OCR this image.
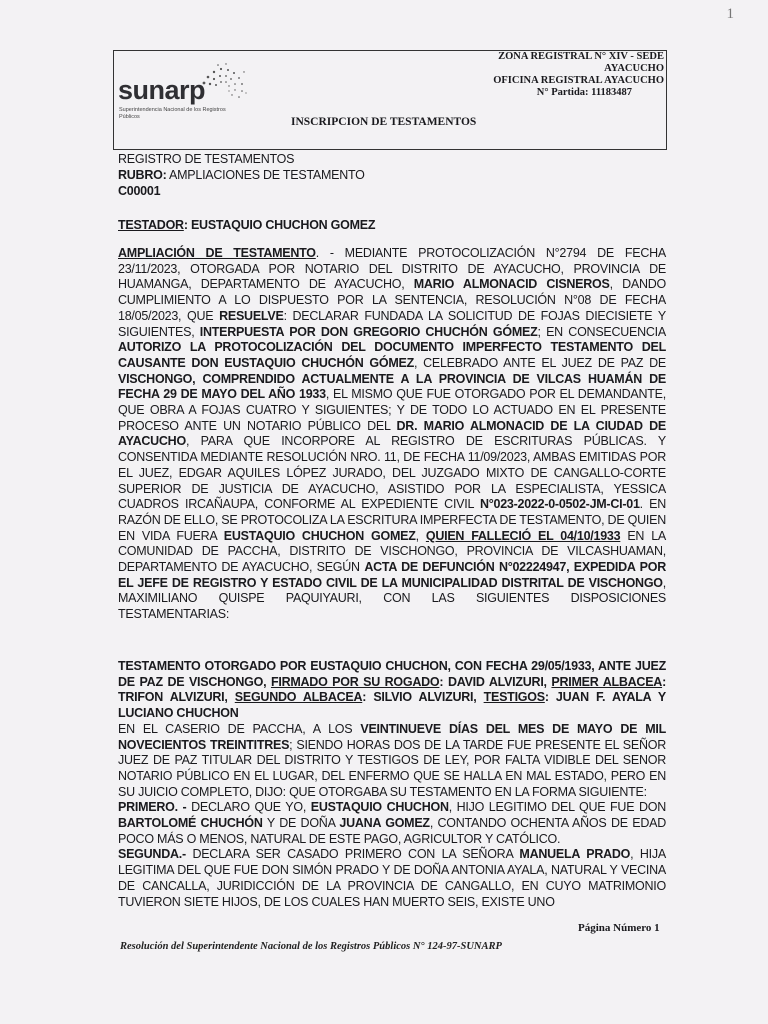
1
sunarp
Superintendencia Nacional de los Registros Públicos
ZONA REGISTRAL N° XIV - SEDE
AYACUCHO
OFICINA REGISTRAL AYACUCHO
N° Partida: 11183487
INSCRIPCION DE TESTAMENTOS
REGISTRO DE TESTAMENTOS
RUBRO: AMPLIACIONES DE TESTAMENTO
C00001
TESTADOR: EUSTAQUIO CHUCHON GOMEZ

AMPLIACIÓN DE TESTAMENTO. - MEDIANTE PROTOCOLIZACIÓN N°2794 DE FECHA 23/11/2023, OTORGADA POR NOTARIO DEL DISTRITO DE AYACUCHO, PROVINCIA DE HUAMANGA, DEPARTAMENTO DE AYACUCHO, MARIO ALMONACID CISNEROS, DANDO CUMPLIMIENTO A LO DISPUESTO POR LA SENTENCIA, RESOLUCIÓN N°08 DE FECHA 18/05/2023, QUE RESUELVE: DECLARAR FUNDADA LA SOLICITUD DE FOJAS DIECISIETE Y SIGUIENTES, INTERPUESTA POR DON GREGORIO CHUCHÓN GÓMEZ; EN CONSECUENCIA AUTORIZO LA PROTOCOLIZACIÓN DEL DOCUMENTO IMPERFECTO TESTAMENTO DEL CAUSANTE DON EUSTAQUIO CHUCHÓN GÓMEZ, CELEBRADO ANTE EL JUEZ DE PAZ DE VISCHONGO, COMPRENDIDO ACTUALMENTE A LA PROVINCIA DE VILCAS HUAMÁN DE FECHA 29 DE MAYO DEL AÑO 1933, EL MISMO QUE FUE OTORGADO POR EL DEMANDANTE, QUE OBRA A FOJAS CUATRO Y SIGUIENTES; Y DE TODO LO ACTUADO EN EL PRESENTE PROCESO ANTE UN NOTARIO PÚBLICO DEL DR. MARIO ALMONACID DE LA CIUDAD DE AYACUCHO, PARA QUE INCORPORE AL REGISTRO DE ESCRITURAS PÚBLICAS. Y CONSENTIDA MEDIANTE RESOLUCIÓN NRO. 11, DE FECHA 11/09/2023, AMBAS EMITIDAS POR EL JUEZ, EDGAR AQUILES LÓPEZ JURADO, DEL JUZGADO MIXTO DE CANGALLO-CORTE SUPERIOR DE JUSTICIA DE AYACUCHO, ASISTIDO POR LA ESPECIALISTA, YESSICA CUADROS IRCAÑAUPA, CONFORME AL EXPEDIENTE CIVIL N°023-2022-0-0502-JM-CI-01. EN RAZÓN DE ELLO, SE PROTOCOLIZA LA ESCRITURA IMPERFECTA DE TESTAMENTO, DE QUIEN EN VIDA FUERA EUSTAQUIO CHUCHON GOMEZ, QUIEN FALLECIÓ EL 04/10/1933 EN LA COMUNIDAD DE PACCHA, DISTRITO DE VISCHONGO, PROVINCIA DE VILCASHUAMAN, DEPARTAMENTO DE AYACUCHO, SEGÚN ACTA DE DEFUNCIÓN N°02224947, EXPEDIDA POR EL JEFE DE REGISTRO Y ESTADO CIVIL DE LA MUNICIPALIDAD DISTRITAL DE VISCHONGO, MAXIMILIANO QUISPE PAQUIYAURI, CON LAS SIGUIENTES DISPOSICIONES TESTAMENTARIAS:

TESTAMENTO OTORGADO POR EUSTAQUIO CHUCHON, CON FECHA 29/05/1933, ANTE JUEZ DE PAZ DE VISCHONGO, FIRMADO POR SU ROGADO: DAVID ALVIZURI, PRIMER ALBACEA: TRIFON ALVIZURI, SEGUNDO ALBACEA: SILVIO ALVIZURI, TESTIGOS: JUAN F. AYALA Y LUCIANO CHUCHON
EN EL CASERIO DE PACCHA, A LOS VEINTINUEVE DÍAS DEL MES DE MAYO DE MIL NOVECIENTOS TREINTITRES; SIENDO HORAS DOS DE LA TARDE FUE PRESENTE EL SEÑOR JUEZ DE PAZ TITULAR DEL DISTRITO Y TESTIGOS DE LEY, POR FALTA VIDIBLE DEL SENOR NOTARIO PÚBLICO EN EL LUGAR, DEL ENFERMO QUE SE HALLA EN MAL ESTADO, PERO EN SU JUICIO COMPLETO, DIJO: QUE OTORGABA SU TESTAMENTO EN LA FORMA SIGUIENTE:
PRIMERO. - DECLARO QUE YO, EUSTAQUIO CHUCHON, HIJO LEGITIMO DEL QUE FUE DON BARTOLOMÉ CHUCHÓN Y DE DOÑA JUANA GOMEZ, CONTANDO OCHENTA AÑOS DE EDAD POCO MÁS O MENOS, NATURAL DE ESTE PAGO, AGRICULTOR Y CATÓLICO.
SEGUNDA.- DECLARA SER CASADO PRIMERO CON LA SEÑORA MANUELA PRADO, HIJA LEGITIMA DEL QUE FUE DON SIMÓN PRADO Y DE DOÑA ANTONIA AYALA, NATURAL Y VECINA DE CANCALLA, JURIDICCIÓN DE LA PROVINCIA DE CANGALLO, EN CUYO MATRIMONIO TUVIERON SIETE HIJOS, DE LOS CUALES HAN MUERTO SEIS, EXISTE UNO

Página Número 1
Resolución del Superintendente Nacional de los Registros Públicos N° 124-97-SUNARP
